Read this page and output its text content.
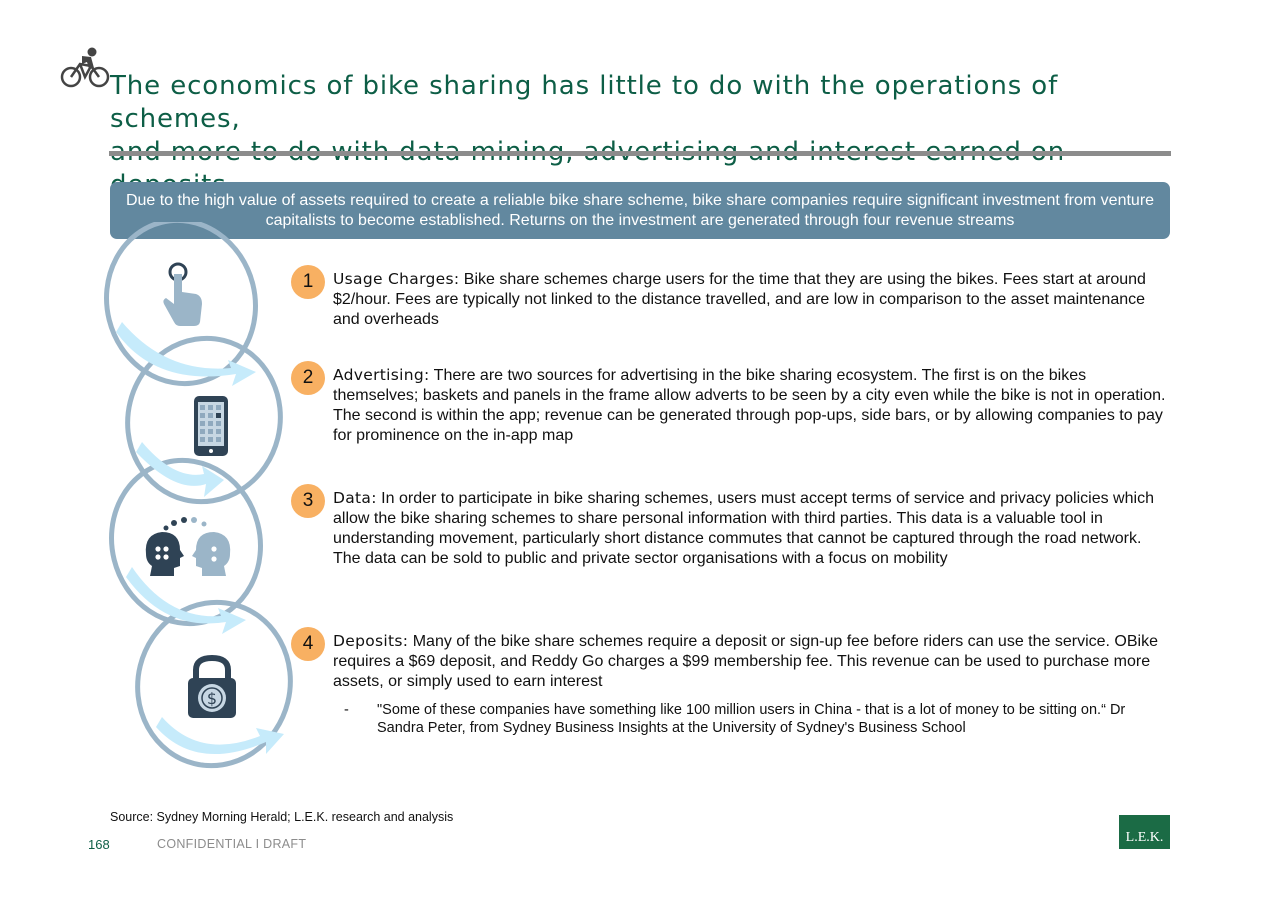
The economics of bike sharing has little to do with the operations of schemes,

Due to the high value of assets required to create a reliable bike share scheme, bike share companies require significant investment from venture capitalists to become established. Returns on the investment are generated through four revenue streams
$
1	Usage Charges: Bike share schemes charge users for the time that they are using the bikes. Fees start at around $2/hour. Fees are typically not linked to the distance travelled, and are low in comparison to the asset maintenance and overheads
2	Advertising: There are two sources for advertising in the bike sharing ecosystem. The first is on the bikes themselves; baskets and panels in the frame allow adverts to be seen by a city even while the bike is not in operation. The second is within the app; revenue can be generated through pop-ups, side bars, or by allowing companies to pay for prominence on the in-app map
3	Data: In order to participate in bike sharing schemes, users must accept terms of service and privacy policies which allow the bike sharing schemes to share personal information with third parties. This data is a valuable tool in understanding movement, particularly short distance commutes that cannot be captured through the road network. The data can be sold to public and private sector organisations with a focus on mobility
4	Deposits: Many of the bike share schemes require a deposit or sign-up fee before riders can use the service. OBike requires a $69 deposit, and Reddy Go charges a $99 membership fee. This revenue can be used to purchase more assets, or simply used to earn interest
- "Some of these companies have something like 100 million users in China - that is a lot of money to be sitting on.“ Dr Sandra Peter, from Sydney Business Insights at the University of Sydney's Business School
Source: Sydney Morning Herald; L.E.K. research and analysis
168	CONFIDENTIAL I DRAFT	L.E.K.
